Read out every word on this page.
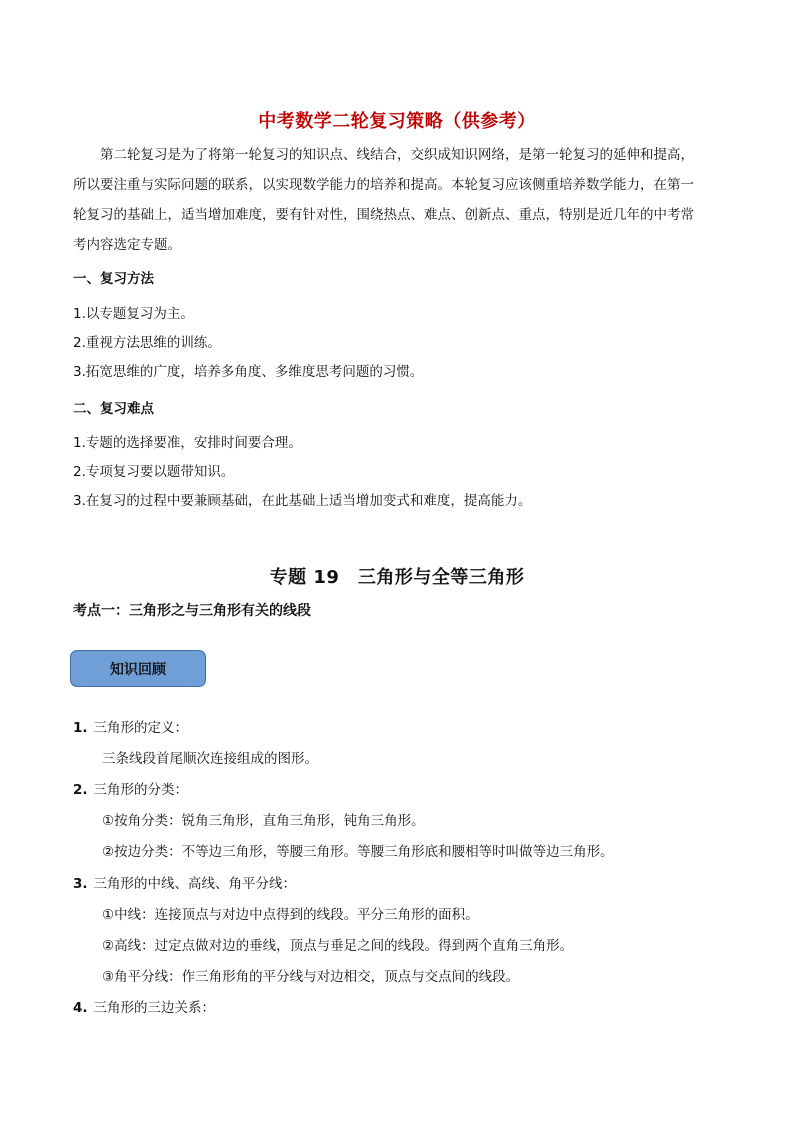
中考数学二轮复习策略（供参考）
第二轮复习是为了将第一轮复习的知识点、线结合，交织成知识网络，是第一轮复习的延伸和提高，
所以要注重与实际问题的联系，以实现数学能力的培养和提高。本轮复习应该侧重培养数学能力，在第一
轮复习的基础上，适当增加难度，要有针对性，围绕热点、难点、创新点、重点，特别是近几年的中考常
考内容选定专题。
一、复习方法
1.以专题复习为主。
2.重视方法思维的训练。
3.拓宽思维的广度，培养多角度、多维度思考问题的习惯。
二、复习难点
1.专题的选择要准，安排时间要合理。
2.专项复习要以题带知识。
3.在复习的过程中要兼顾基础，在此基础上适当增加变式和难度，提高能力。
专题 19　三角形与全等三角形
考点一：三角形之与三角形有关的线段
知识回顾
1. 三角形的定义：
三条线段首尾顺次连接组成的图形。
2. 三角形的分类：
①按角分类：锐角三角形，直角三角形，钝角三角形。
②按边分类：不等边三角形，等腰三角形。等腰三角形底和腰相等时叫做等边三角形。
3. 三角形的中线、高线、角平分线：
①中线：连接顶点与对边中点得到的线段。平分三角形的面积。
②高线：过定点做对边的垂线，顶点与垂足之间的线段。得到两个直角三角形。
③角平分线：作三角形角的平分线与对边相交，顶点与交点间的线段。
4. 三角形的三边关系：
